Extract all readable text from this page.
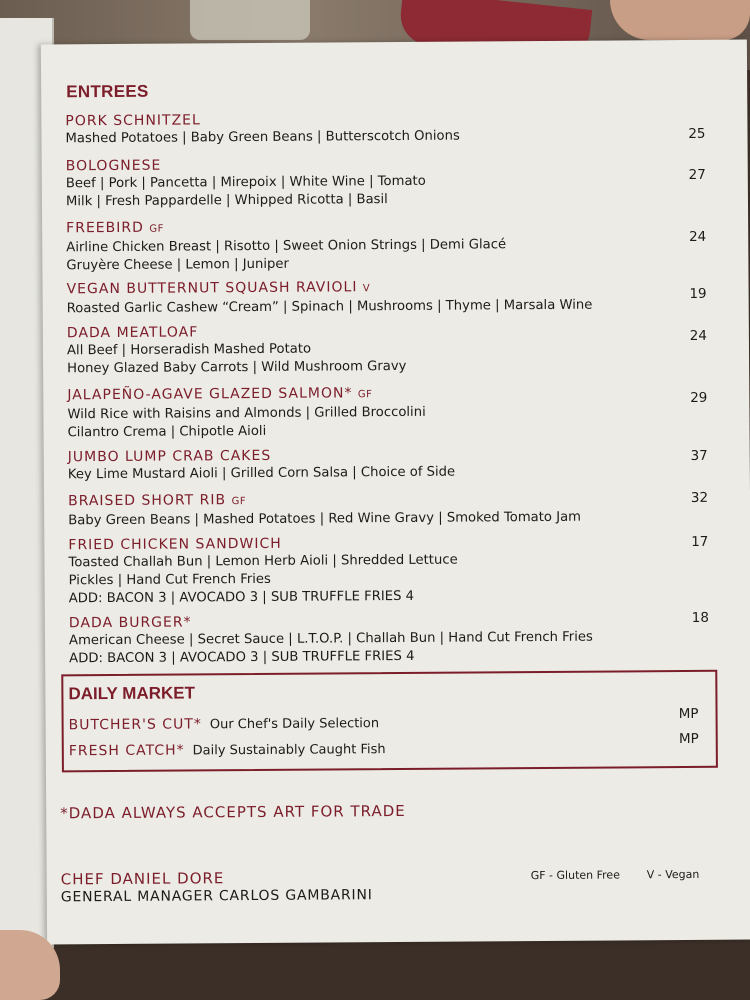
ENTREES
PORK SCHNITZEL
Mashed Potatoes | Baby Green Beans | Butterscotch Onions	25
BOLOGNESE
Beef | Pork | Pancetta | Mirepoix | White Wine | Tomato
Milk | Fresh Pappardelle | Whipped Ricotta | Basil
27
FREEBIRD GF
Airline Chicken Breast | Risotto | Sweet Onion Strings | Demi Glacé
Gruyère Cheese | Lemon | Juniper
24
VEGAN BUTTERNUT SQUASH RAVIOLI V
Roasted Garlic Cashew “Cream” | Spinach | Mushrooms | Thyme | Marsala Wine
19
DADA MEATLOAF
All Beef | Horseradish Mashed Potato
Honey Glazed Baby Carrots | Wild Mushroom Gravy
24
JALAPEÑO-AGAVE GLAZED SALMON* GF
Wild Rice with Raisins and Almonds | Grilled Broccolini
Cilantro Crema | Chipotle Aioli
29
JUMBO LUMP CRAB CAKES
Key Lime Mustard Aioli | Grilled Corn Salsa | Choice of Side
37
BRAISED SHORT RIB GF
Baby Green Beans | Mashed Potatoes | Red Wine Gravy | Smoked Tomato Jam
32
FRIED CHICKEN SANDWICH
Toasted Challah Bun | Lemon Herb Aioli | Shredded Lettuce
Pickles | Hand Cut French Fries
ADD: BACON 3 | AVOCADO 3 | SUB TRUFFLE FRIES 4
17
DADA BURGER*
American Cheese | Secret Sauce | L.T.O.P. | Challah Bun | Hand Cut French Fries
ADD: BACON 3 | AVOCADO 3 | SUB TRUFFLE FRIES 4
18
DAILY MARKET
BUTCHER'S CUT* Our Chef's Daily Selection
MP
FRESH CATCH* Daily Sustainably Caught Fish
MP
*DADA ALWAYS ACCEPTS ART FOR TRADE
CHEF DANIEL DORE
GENERAL MANAGER CARLOS GAMBARINI
GF - Gluten Free V - Vegan
